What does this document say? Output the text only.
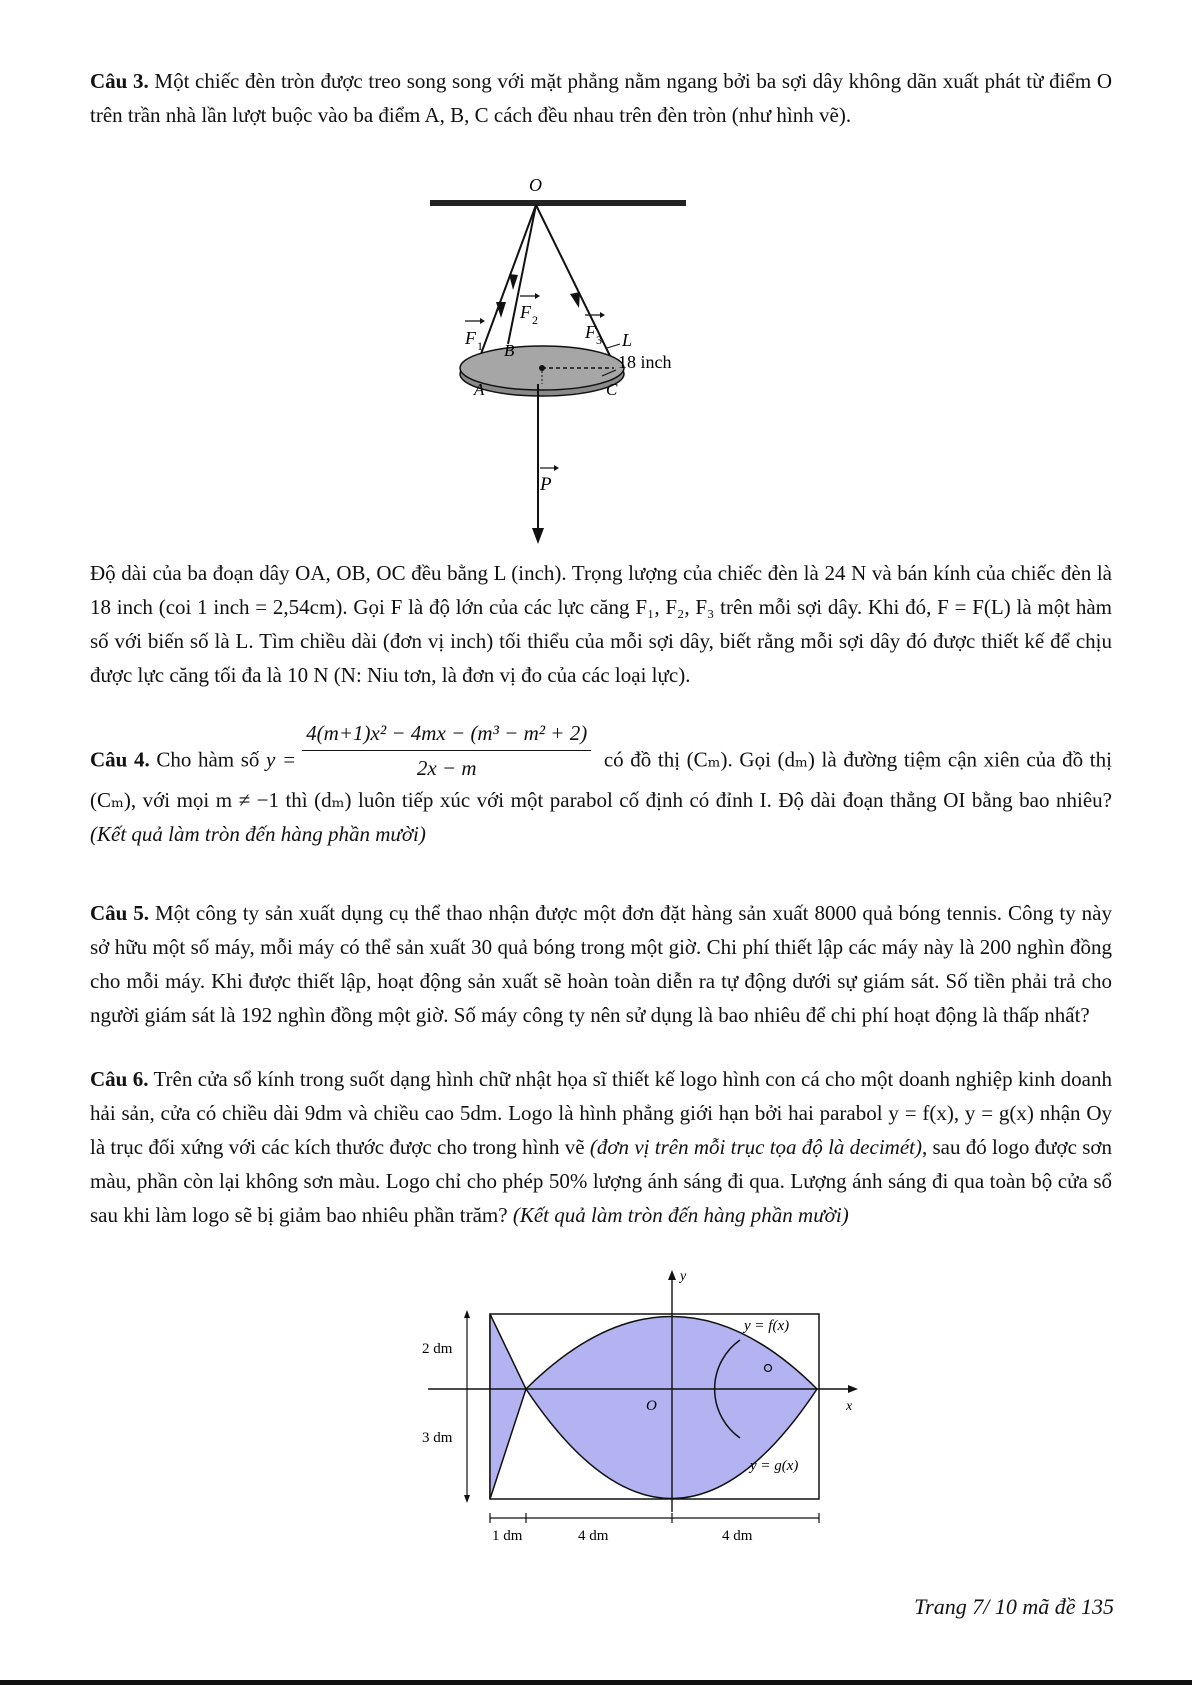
Câu 3. Một chiếc đèn tròn được treo song song với mặt phẳng nằm ngang bởi ba sợi dây không dãn xuất phát từ điểm O trên trần nhà lần lượt buộc vào ba điểm A, B, C cách đều nhau trên đèn tròn (như hình vẽ).

O
F 1
F 2
F 3 L
B
A	C
18 inch
P

Độ dài của ba đoạn dây OA, OB, OC đều bằng L (inch). Trọng lượng của chiếc đèn là 24 N và bán kính của chiếc đèn là 18 inch (coi 1 inch = 2,54cm). Gọi F là độ lớn của các lực căng F₁, F₂, F₃ trên mỗi sợi dây. Khi đó, F = F(L) là một hàm số với biến số là L. Tìm chiều dài (đơn vị inch) tối thiểu của mỗi sợi dây, biết rằng mỗi sợi dây đó được thiết kế để chịu được lực căng tối đa là 10 N (N: Niu tơn, là đơn vị đo của các loại lực).

Câu 4. Cho hàm số $y = \frac{\text{4(m+1)x² − 4mx − (m³ − m² + 2)}}{2x - m}$ có đồ thị (Cₘ). Gọi (dₘ) là đường tiệm cận xiên của đồ thị (Cₘ), với mọi m ≠ −1 thì (dₘ) luôn tiếp xúc với một parabol cố định có đỉnh I. Độ dài đoạn thẳng OI bằng bao nhiêu? (Kết quả làm tròn đến hàng phần mười)

Câu 5. Một công ty sản xuất dụng cụ thể thao nhận được một đơn đặt hàng sản xuất 8000 quả bóng tennis. Công ty này sở hữu một số máy, mỗi máy có thể sản xuất 30 quả bóng trong một giờ. Chi phí thiết lập các máy này là 200 nghìn đồng cho mỗi máy. Khi được thiết lập, hoạt động sản xuất sẽ hoàn toàn diễn ra tự động dưới sự giám sát. Số tiền phải trả cho người giám sát là 192 nghìn đồng một giờ. Số máy công ty nên sử dụng là bao nhiêu để chi phí hoạt động là thấp nhất?

Câu 6. Trên cửa sổ kính trong suốt dạng hình chữ nhật họa sĩ thiết kế logo hình con cá cho một doanh nghiệp kinh doanh hải sản, cửa có chiều dài 9dm và chiều cao 5dm. Logo là hình phẳng giới hạn bởi hai parabol y = f(x), y = g(x) nhận Oy là trục đối xứng với các kích thước được cho trong hình vẽ (đơn vị trên mỗi trục tọa độ là decimét), sau đó logo được sơn màu, phần còn lại không sơn màu. Logo chỉ cho phép 50% lượng ánh sáng đi qua. Lượng ánh sáng đi qua toàn bộ cửa sổ sau khi làm logo sẽ bị giảm bao nhiêu phần trăm? (Kết quả làm tròn đến hàng phần mười)

y
x
O
y = f(x)
y = g(x)
2 dm
3 dm
1 dm	4 dm	4 dm
Trang 7/ 10 mã đề 135
